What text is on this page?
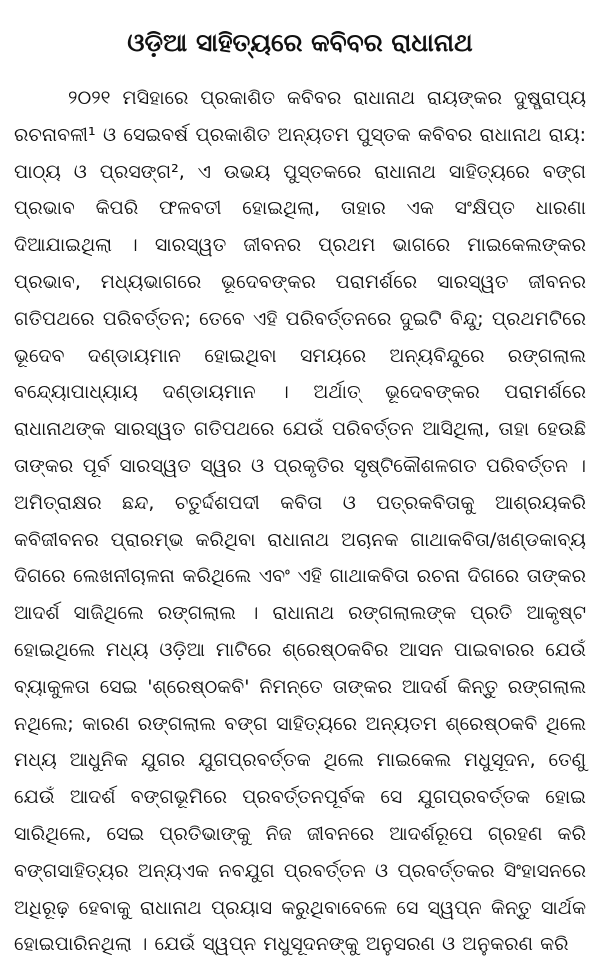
ଓଡ଼ିଆ ସାହିତ୍ୟରେ କବିବର ରାଧାନାଥ

୨୦୨୧ ମସିହାରେ ପ୍ରକାଶିତ କବିବର ରାଧାନାଥ ରାୟଙ୍କର ଦୁଷ୍ପ୍ରାପ୍ୟ ରଚନାବଳୀ¹ ଓ ସେଇବର୍ଷ ପ୍ରକାଶିତ ଅନ୍ୟତମ ପୁସ୍ତକ କବିବର ରାଧାନାଥ ରାୟ: ପାଠ୍ୟ ଓ ପ୍ରସଙ୍ଗ², ଏ ଉଭୟ ପୁସ୍ତକରେ ରାଧାନାଥ ସାହିତ୍ୟରେ ବଙ୍ଗ ପ୍ରଭାବ କିପରି ଫଳବତୀ ହୋଇଥିଲା, ତାହାର ଏକ ସଂକ୍ଷିପ୍ତ ଧାରଣା ଦିଆଯାଇଥିଲା । ସାରସ୍ୱତ ଜୀବନର ପ୍ରଥମ ଭାଗରେ ମାଇକେଲଙ୍କର ପ୍ରଭାବ, ମଧ୍ୟଭାଗରେ ଭୂଦେବଙ୍କର ପରାମର୍ଶରେ ସାରସ୍ୱତ ଜୀବନର ଗତିପଥରେ ପରିବର୍ତ୍ତନ; ତେବେ ଏହି ପରିବର୍ତ୍ତନରେ ଦୁଇଟି ବିନ୍ଦୁ; ପ୍ରଥମଟିରେ ଭୂଦେବ ଦଣ୍ଡାୟମାନ ହୋଇଥିବା ସମୟରେ ଅନ୍ୟବିନ୍ଦୁରେ ରଙ୍ଗଲାଲ ବନ୍ଦ୍ୟୋପାଧ୍ୟାୟ ଦଣ୍ଡାୟମାନ । ଅର୍ଥାତ୍ ଭୂଦେବଙ୍କର ପରାମର୍ଶରେ ରାଧାନାଥଙ୍କ ସାରସ୍ୱତ ଗତିପଥରେ ଯେଉଁ ପରିବର୍ତ୍ତନ ଆସିଥିଲା, ତାହା ହେଉଛି ତାଙ୍କର ପୂର୍ବ ସାରସ୍ୱତ ସ୍ୱର ଓ ପ୍ରକୃତିର ସୃଷ୍ଟିକୌଶଳଗତ ପରିବର୍ତ୍ତନ । ଅମିତ୍ରାକ୍ଷର ଛନ୍ଦ, ଚତୁର୍ଦ୍ଦଶପଦୀ କବିତା ଓ ପତ୍ରକବିତାକୁ ଆଶ୍ରୟକରି କବିଜୀବନର ପ୍ରାରମ୍ଭ କରିଥିବା ରାଧାନାଥ ଅଚାନକ ଗାଥାକବିତା/ଖଣ୍ଡକାବ୍ୟ ଦିଗରେ ଲେଖନୀଚାଳନା କରିଥିଲେ ଏବଂ ଏହି ଗାଥାକବିତା ରଚନା ଦିଗରେ ତାଙ୍କର ଆଦର୍ଶ ସାଜିଥିଲେ ରଙ୍ଗଲାଲ । ରାଧାନାଥ ରଙ୍ଗଲାଲଙ୍କ ପ୍ରତି ଆକୃଷ୍ଟ ହୋଇଥିଲେ ମଧ୍ୟ ଓଡ଼ିଆ ମାଟିରେ ଶ୍ରେଷ୍ଠକବିର ଆସନ ପାଇବାରର ଯେଉଁ ବ୍ୟାକୁଳତା ସେଇ 'ଶ୍ରେଷ୍ଠକବି' ନିମନ୍ତେ ତାଙ୍କର ଆଦର୍ଶ କିନ୍ତୁ ରଙ୍ଗଲାଲ ନଥିଲେ; କାରଣ ରଙ୍ଗଲାଲ ବଙ୍ଗ ସାହିତ୍ୟରେ ଅନ୍ୟତମ ଶ୍ରେଷ୍ଠକବି ଥିଲେ ମଧ୍ୟ ଆଧୁନିକ ଯୁଗର ଯୁଗପ୍ରବର୍ତ୍ତକ ଥିଲେ ମାଇକେଲ ମଧୁସୂଦନ, ତେଣୁ ଯେଉଁ ଆଦର୍ଶ ବଙ୍ଗଭୂମିରେ ପ୍ରବର୍ତ୍ତନପୂର୍ବକ ସେ ଯୁଗପ୍ରବର୍ତ୍ତକ ହୋଇ ସାରିଥିଲେ, ସେଇ ପ୍ରତିଭାଙ୍କୁ ନିଜ ଜୀବନରେ ଆଦର୍ଶରୂପେ ଗ୍ରହଣ କରି ବଙ୍ଗସାହିତ୍ୟର ଅନ୍ୟଏକ ନବଯୁଗ ପ୍ରବର୍ତ୍ତନ ଓ ପ୍ରବର୍ତ୍ତକର ସିଂହାସନରେ ଅଧିରୂଢ଼ ହେବାକୁ ରାଧାନାଥ ପ୍ରୟାସ କରୁଥିବାବେଳେ ସେ ସ୍ୱପ୍ନ କିନ୍ତୁ ସାର୍ଥକ ହୋଇପାରିନଥିଲା । ଯେଉଁ ସ୍ୱପ୍ନ ମଧୁସୂଦନଙ୍କୁ ଅନୁସରଣ ଓ ଅନୁକରଣ କରି
